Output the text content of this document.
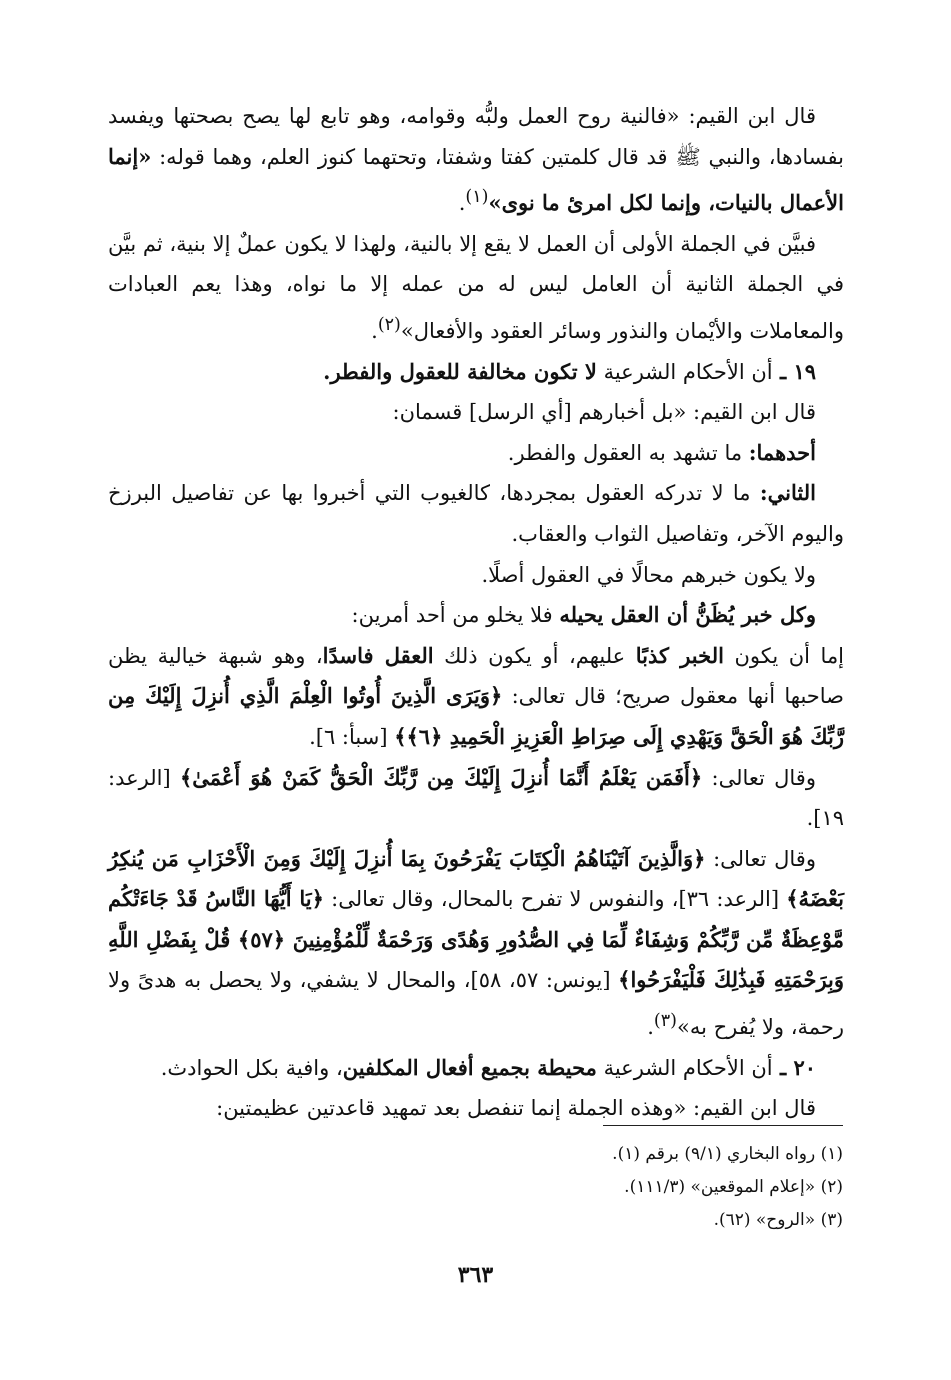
قال ابن القيم: «فالنية روح العمل ولبُّه وقوامه، وهو تابع لها يصح بصحتها ويفسد بفسادها، والنبي ﷺ قد قال كلمتين كفتا وشفتا، وتحتهما كنوز العلم، وهما قوله: «إنما الأعمال بالنيات، وإنما لكل امرئ ما نوى»$^{(١)}$.

فبيَّن في الجملة الأولى أن العمل لا يقع إلا بالنية، ولهذا لا يكون عملٌ إلا بنية، ثم بيَّن في الجملة الثانية أن العامل ليس له من عمله إلا ما نواه، وهذا يعم العبادات والمعاملات والأيْمان والنذور وسائر العقود والأفعال»$^{(٢)}$.

١٩ ـ أن الأحكام الشرعية لا تكون مخالفة للعقول والفطر.

قال ابن القيم: «بل أخبارهم [أي الرسل] قسمان:

أحدهما: ما تشهد به العقول والفطر.

الثاني: ما لا تدركه العقول بمجردها، كالغيوب التي أخبروا بها عن تفاصيل البرزخ واليوم الآخر، وتفاصيل الثواب والعقاب.

ولا يكون خبرهم محالًا في العقول أصلًا.

وكل خبر يُظَنُّ أن العقل يحيله فلا يخلو من أحد أمرين:

إما أن يكون الخبر كذبًا عليهم، أو يكون ذلك العقل فاسدًا، وهو شبهة خيالية يظن صاحبها أنها معقول صريح؛ قال تعالى: ﴿وَيَرَى الَّذِينَ أُوتُوا الْعِلْمَ الَّذِي أُنزِلَ إِلَيْكَ مِن رَّبِّكَ هُوَ الْحَقَّ وَيَهْدِي إِلَى صِرَاطِ الْعَزِيزِ الْحَمِيدِ ﴿٦﴾﴾ [سبأ: ٦].

وقال تعالى: ﴿أَفَمَن يَعْلَمُ أَنَّمَا أُنزِلَ إِلَيْكَ مِن رَّبِّكَ الْحَقُّ كَمَنْ هُوَ أَعْمَىٰ﴾ [الرعد: ١٩].

وقال تعالى: ﴿وَالَّذِينَ آتَيْنَاهُمُ الْكِتَابَ يَفْرَحُونَ بِمَا أُنزِلَ إِلَيْكَ وَمِنَ الْأَحْزَابِ مَن يُنكِرُ بَعْضَهُ﴾ [الرعد: ٣٦]، والنفوس لا تفرح بالمحال، وقال تعالى: ﴿يَا أَيُّهَا النَّاسُ قَدْ جَاءَتْكُم مَّوْعِظَةٌ مِّن رَّبِّكُمْ وَشِفَاءٌ لِّمَا فِي الصُّدُورِ وَهُدًى وَرَحْمَةٌ لِّلْمُؤْمِنِينَ ﴿٥٧﴾ قُلْ بِفَضْلِ اللَّهِ وَبِرَحْمَتِهِ فَبِذَٰلِكَ فَلْيَفْرَحُوا﴾ [يونس: ٥٧، ٥٨]، والمحال لا يشفي، ولا يحصل به هدىً ولا رحمة، ولا يُفرح به»$^{(٣)}$.

٢٠ ـ أن الأحكام الشرعية محيطة بجميع أفعال المكلفين، وافية بكل الحوادث.

قال ابن القيم: «وهذه الجملة إنما تنفصل بعد تمهيد قاعدتين عظيمتين:

(١) رواه البخاري (٩/١) برقم (١).
(٢) «إعلام الموقعين» (١١١/٣).
(٣) «الروح» (٦٢).
٣٦٣
